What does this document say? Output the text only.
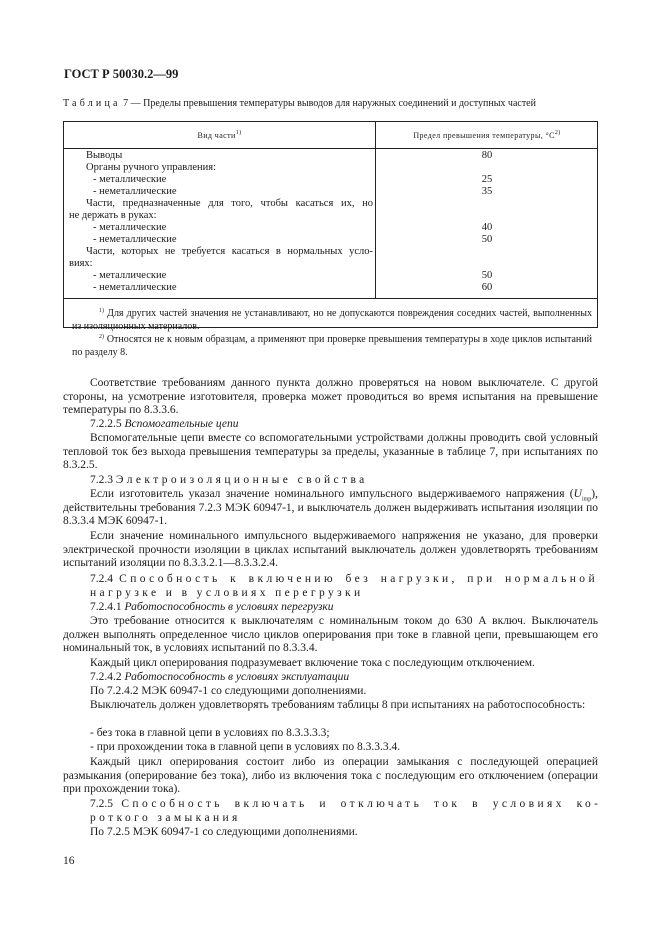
ГОСТ Р 50030.2—99
Таблица 7 — Пределы превышения температуры выводов для наружных соединений и доступных частей
Вид части$^{1)}$	Предел превышения температуры, $^\circ С^{2)}$
Выводы	80
Органы ручного управления:
- металлические	25
- неметаллические	35
Части, предназначенные для того, чтобы касаться их, но
не держать в руках:
- металлические	40
- неметаллические	50
Части, которых не требуется касаться в нормальных усло-
виях:
- металлические	50
- неметаллические	60
$^{1)}$ Для других частей значения не устанавливают, но не допускаются повреждения соседних частей, выполненных из изоляционных материалов.
$^{2)}$ Относятся не к новым образцам, а применяют при проверке превышения температуры в ходе циклов испытаний по разделу 8.
Соответствие требованиям данного пункта должно проверяться на новом выключателе. С другой стороны, на усмотрение изготовителя, проверка может проводиться во время испытания на превышение температуры по 8.3.3.6.
7.2.2.5 Вспомогательные цепи
Вспомогательные цепи вместе со вспомогательными устройствами должны проводить свой условный тепловой ток без выхода превышения температуры за пределы, указанные в таблице 7, при испытаниях по 8.3.2.5.
7.2.3 Электроизоляционные свойства
Если изготовитель указал значение номинального импульсного выдерживаемого напряжения $(U_{imp})$, действительны требования 7.2.3 МЭК 60947-1, и выключатель должен выдерживать испытания изоляции по 8.3.3.4 МЭК 60947-1.
Если значение номинального импульсного выдерживаемого напряжения не указано, для проверки электрической прочности изоляции в циклах испытаний выключатель должен удовлетворять требованиям испытаний изоляции по 8.3.3.2.1—8.3.3.2.4.
7.2.4 Способность к включению без нагрузки, при нормальной нагрузке и в условиях перегрузки
7.2.4.1 Работоспособность в условиях перегрузки
Это требование относится к выключателям с номинальным током до 630 А включ. Выключатель должен выполнять определенное число циклов оперирования при токе в главной цепи, превышающем его номинальный ток, в условиях испытаний по 8.3.3.4.
Каждый цикл оперирования подразумевает включение тока с последующим отключением.
7.2.4.2 Работоспособность в условиях эксплуатации
По 7.2.4.2 МЭК 60947-1 со следующими дополнениями.
Выключатель должен удовлетворять требованиям таблицы 8 при испытаниях на работоспособность:
- без тока в главной цепи в условиях по 8.3.3.3.3;
- при прохождении тока в главной цепи в условиях по 8.3.3.3.4.
Каждый цикл оперирования состоит либо из операции замыкания с последующей операцией размыкания (оперирование без тока), либо из включения тока с последующим его отключением (операции при прохождении тока).
7.2.5 Способность включать и отключать ток в условиях короткого замыкания
По 7.2.5 МЭК 60947-1 со следующими дополнениями.
16
